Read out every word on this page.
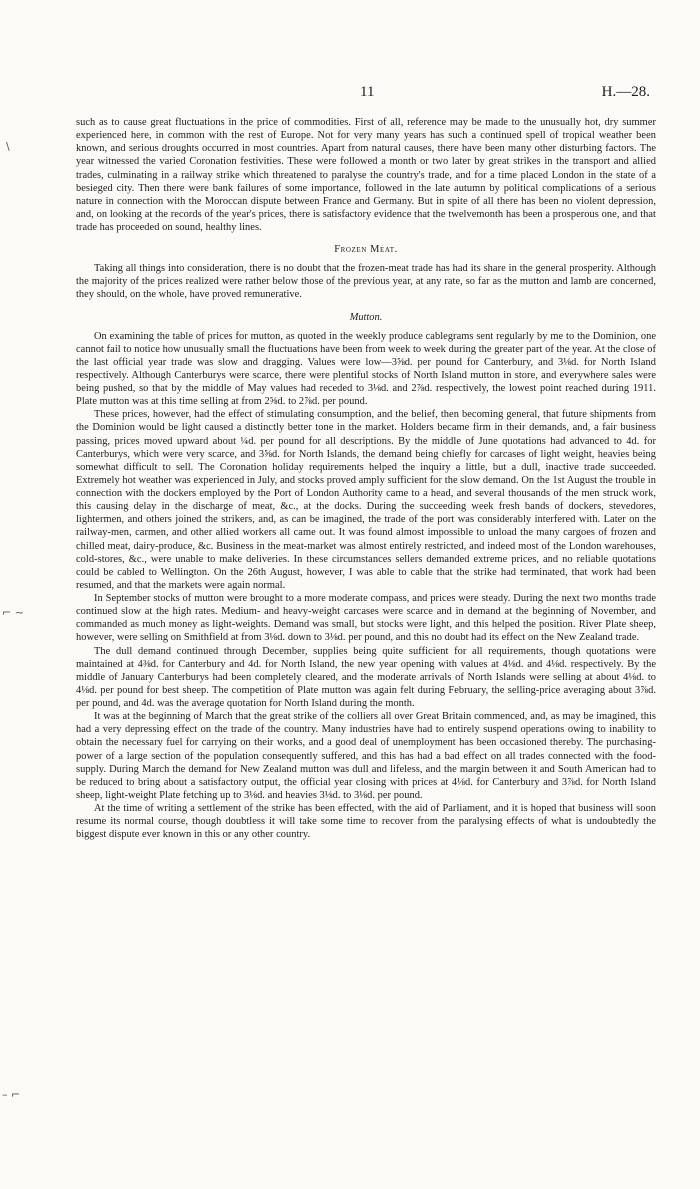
11	H.—28.
\
⌐ ~
– ⌐

such as to cause great fluctuations in the price of commodities. First of all, reference may be made to the unusually hot, dry summer experienced here, in common with the rest of Europe. Not for very many years has such a continued spell of tropical weather been known, and serious droughts occurred in most countries. Apart from natural causes, there have been many other disturbing factors. The year witnessed the varied Coronation festivities. These were followed a month or two later by great strikes in the transport and allied trades, culminating in a railway strike which threatened to paralyse the country's trade, and for a time placed London in the state of a besieged city. Then there were bank failures of some importance, followed in the late autumn by political complications of a serious nature in connection with the Moroccan dispute between France and Germany. But in spite of all there has been no violent depression, and, on looking at the records of the year's prices, there is satisfactory evidence that the twelvemonth has been a prosperous one, and that trade has proceeded on sound, healthy lines.

Frozen Meat.

Taking all things into consideration, there is no doubt that the frozen-meat trade has had its share in the general prosperity. Although the majority of the prices realized were rather below those of the previous year, at any rate, so far as the mutton and lamb are concerned, they should, on the whole, have proved remunerative.

Mutton.

On examining the table of prices for mutton, as quoted in the weekly produce cablegrams sent regularly by me to the Dominion, one cannot fail to notice how unusually small the fluctuations have been from week to week during the greater part of the year. At the close of the last official year trade was slow and dragging. Values were low—3⅝d. per pound for Canterbury, and 3⅛d. for North Island respectively. Although Canterburys were scarce, there were plentiful stocks of North Island mutton in store, and everywhere sales were being pushed, so that by the middle of May values had receded to 3⅛d. and 2⅞d. respectively, the lowest point reached during 1911. Plate mutton was at this time selling at from 2⅝d. to 2⅞d. per pound.

These prices, however, had the effect of stimulating consumption, and the belief, then becoming general, that future shipments from the Dominion would be light caused a distinctly better tone in the market. Holders became firm in their demands, and, a fair business passing, prices moved upward about ¼d. per pound for all descriptions. By the middle of June quotations had advanced to 4d. for Canterburys, which were very scarce, and 3⅝d. for North Islands, the demand being chiefly for carcases of light weight, heavies being somewhat difficult to sell. The Coronation holiday requirements helped the inquiry a little, but a dull, inactive trade succeeded. Extremely hot weather was experienced in July, and stocks proved amply sufficient for the slow demand. On the 1st August the trouble in connection with the dockers employed by the Port of London Authority came to a head, and several thousands of the men struck work, this causing delay in the discharge of meat, &c., at the docks. During the succeeding week fresh bands of dockers, stevedores, lightermen, and others joined the strikers, and, as can be imagined, the trade of the port was considerably interfered with. Later on the railway-men, carmen, and other allied workers all came out. It was found almost impossible to unload the many cargoes of frozen and chilled meat, dairy-produce, &c. Business in the meat-market was almost entirely restricted, and indeed most of the London warehouses, cold-stores, &c., were unable to make deliveries. In these circumstances sellers demanded extreme prices, and no reliable quotations could be cabled to Wellington. On the 26th August, however, I was able to cable that the strike had terminated, that work had been resumed, and that the markets were again normal.

In September stocks of mutton were brought to a more moderate compass, and prices were steady. During the next two months trade continued slow at the high rates. Medium- and heavy-weight carcases were scarce and in demand at the beginning of November, and commanded as much money as light-weights. Demand was small, but stocks were light, and this helped the position. River Plate sheep, however, were selling on Smithfield at from 3⅛d. down to 3⅛d. per pound, and this no doubt had its effect on the New Zealand trade.

The dull demand continued through December, supplies being quite sufficient for all requirements, though quotations were maintained at 4⅜d. for Canterbury and 4d. for North Island, the new year opening with values at 4⅛d. and 4⅛d. respectively. By the middle of January Canterburys had been completely cleared, and the moderate arrivals of North Islands were selling at about 4⅛d. to 4⅛d. per pound for best sheep. The competition of Plate mutton was again felt during February, the selling-price averaging about 3⅞d. per pound, and 4d. was the average quotation for North Island during the month.

It was at the beginning of March that the great strike of the colliers all over Great Britain commenced, and, as may be imagined, this had a very depressing effect on the trade of the country. Many industries have had to entirely suspend operations owing to inability to obtain the necessary fuel for carrying on their works, and a good deal of unemployment has been occasioned thereby. The purchasing-power of a large section of the population consequently suffered, and this has had a bad effect on all trades connected with the food-supply. During March the demand for New Zealand mutton was dull and lifeless, and the margin between it and South American had to be reduced to bring about a satisfactory output, the official year closing with prices at 4⅛d. for Canterbury and 3⅞d. for North Island sheep, light-weight Plate fetching up to 3⅛d. and heavies 3⅛d. to 3⅛d. per pound.

At the time of writing a settlement of the strike has been effected, with the aid of Parliament, and it is hoped that business will soon resume its normal course, though doubtless it will take some time to recover from the paralysing effects of what is undoubtedly the biggest dispute ever known in this or any other country.
